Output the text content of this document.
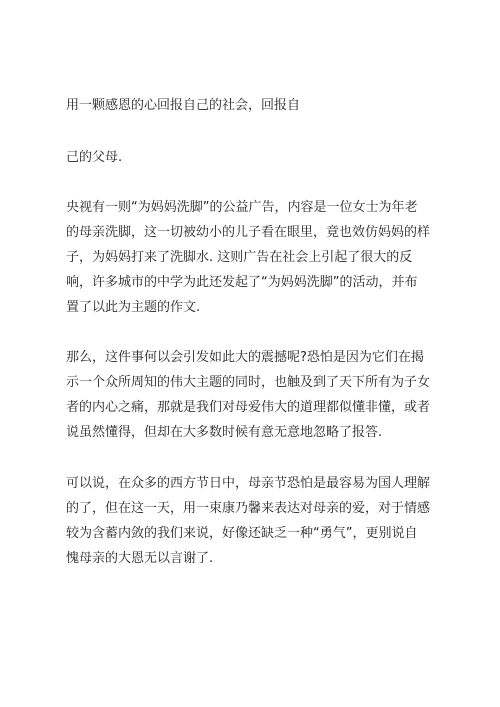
用一颗感恩的心回报自己的社会，回报自

己的父母.

央视有一则“为妈妈洗脚”的公益广告，内容是一位女士为年老
的母亲洗脚，这一切被幼小的儿子看在眼里，竟也效仿妈妈的样
子，为妈妈打来了洗脚水. 这则广告在社会上引起了很大的反
响，许多城市的中学为此还发起了“为妈妈洗脚”的活动，并布
置了以此为主题的作文.

那么，这件事何以会引发如此大的震撼呢?恐怕是因为它们在揭
示一个众所周知的伟大主题的同时，也触及到了天下所有为子女
者的内心之痛，那就是我们对母爱伟大的道理都似懂非懂，或者
说虽然懂得，但却在大多数时候有意无意地忽略了报答.

可以说，在众多的西方节日中，母亲节恐怕是最容易为国人理解
的了，但在这一天，用一束康乃馨来表达对母亲的爱，对于情感
较为含蓄内敛的我们来说，好像还缺乏一种“勇气”，更别说自
愧母亲的大恩无以言谢了.
